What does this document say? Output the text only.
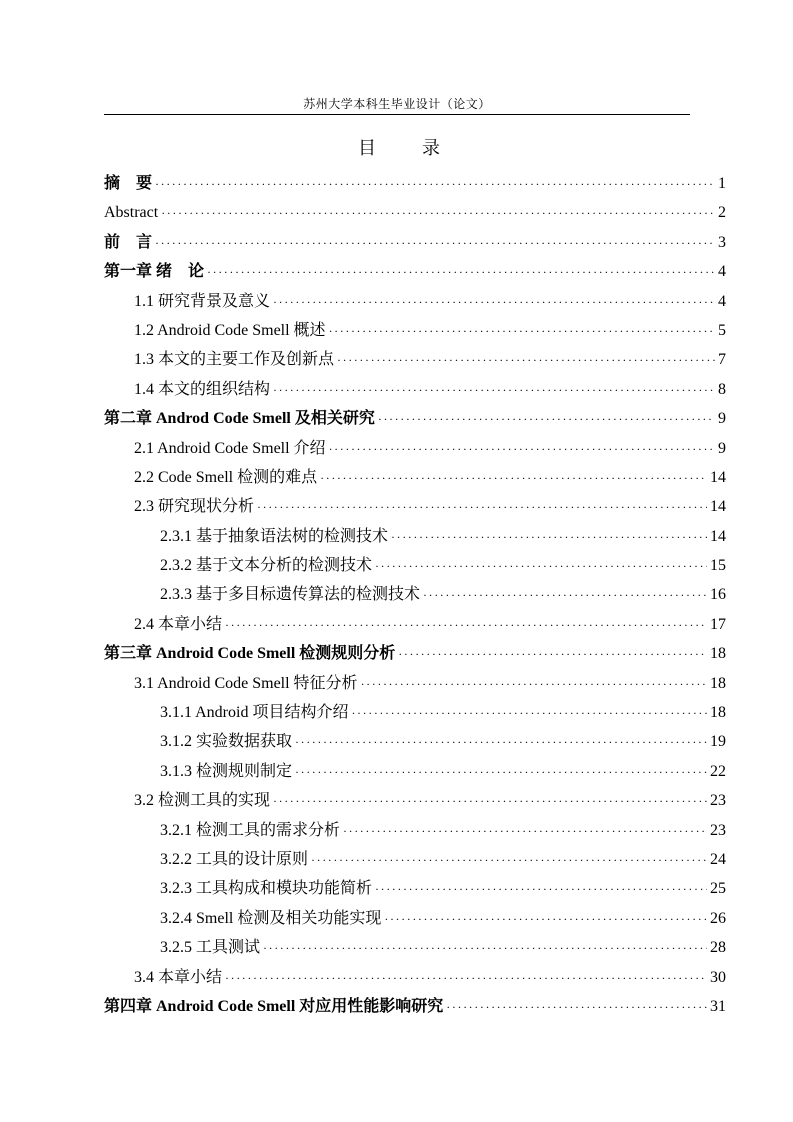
苏州大学本科生毕业设计（论文）
目　录
摘　要 ·····	1
Abstract ·····	2
前　言 ·····	3
第一章 绪　论 ·····	4
1.1 研究背景及意义 ·····	4
1.2 Android Code Smell 概述 ·····	5
1.3 本文的主要工作及创新点 ·····	7
1.4 本文的组织结构 ·····	8
第二章 Androd Code Smell 及相关研究 ·····	9
2.1 Android Code Smell 介绍 ·····	9
2.2 Code Smell 检测的难点 ·····	14
2.3 研究现状分析 ·····	14
2.3.1 基于抽象语法树的检测技术 ·····	14
2.3.2 基于文本分析的检测技术 ·····	15
2.3.3 基于多目标遗传算法的检测技术 ·····	16
2.4 本章小结 ·····	17
第三章 Android Code Smell 检测规则分析 ·····	18
3.1 Android Code Smell 特征分析 ·····	18
3.1.1 Android 项目结构介绍 ·····	18
3.1.2 实验数据获取 ·····	19
3.1.3 检测规则制定 ·····	22
3.2 检测工具的实现 ·····	23
3.2.1 检测工具的需求分析 ·····	23
3.2.2 工具的设计原则 ·····	24
3.2.3 工具构成和模块功能简析 ·····	25
3.2.4 Smell 检测及相关功能实现 ·····	26
3.2.5 工具测试 ·····	28
3.4 本章小结 ·····	30
第四章 Android Code Smell 对应用性能影响研究 ·····	31
